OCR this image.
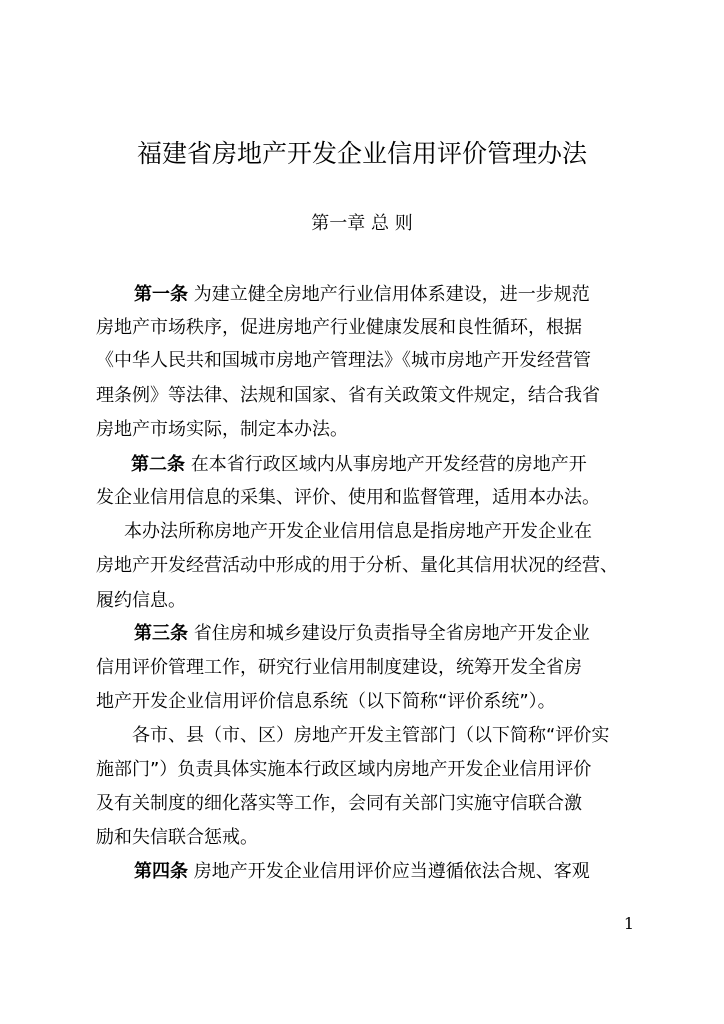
福建省房地产开发企业信用评价管理办法
第一章 总 则
第一条 为建立健全房地产行业信用体系建设，进一步规范
房地产市场秩序，促进房地产行业健康发展和良性循环，根据
《中华人民共和国城市房地产管理法》《城市房地产开发经营管
理条例》等法律、法规和国家、省有关政策文件规定，结合我省
房地产市场实际，制定本办法。
第二条 在本省行政区域内从事房地产开发经营的房地产开
发企业信用信息的采集、评价、使用和监督管理，适用本办法。
本办法所称房地产开发企业信用信息是指房地产开发企业在
房地产开发经营活动中形成的用于分析、量化其信用状况的经营、
履约信息。
第三条 省住房和城乡建设厅负责指导全省房地产开发企业
信用评价管理工作，研究行业信用制度建设，统筹开发全省房
地产开发企业信用评价信息系统（以下简称“评价系统”）。
各市、县（市、区）房地产开发主管部门（以下简称“评价实
施部门”）负责具体实施本行政区域内房地产开发企业信用评价
及有关制度的细化落实等工作，会同有关部门实施守信联合激
励和失信联合惩戒。
第四条 房地产开发企业信用评价应当遵循依法合规、客观
1
